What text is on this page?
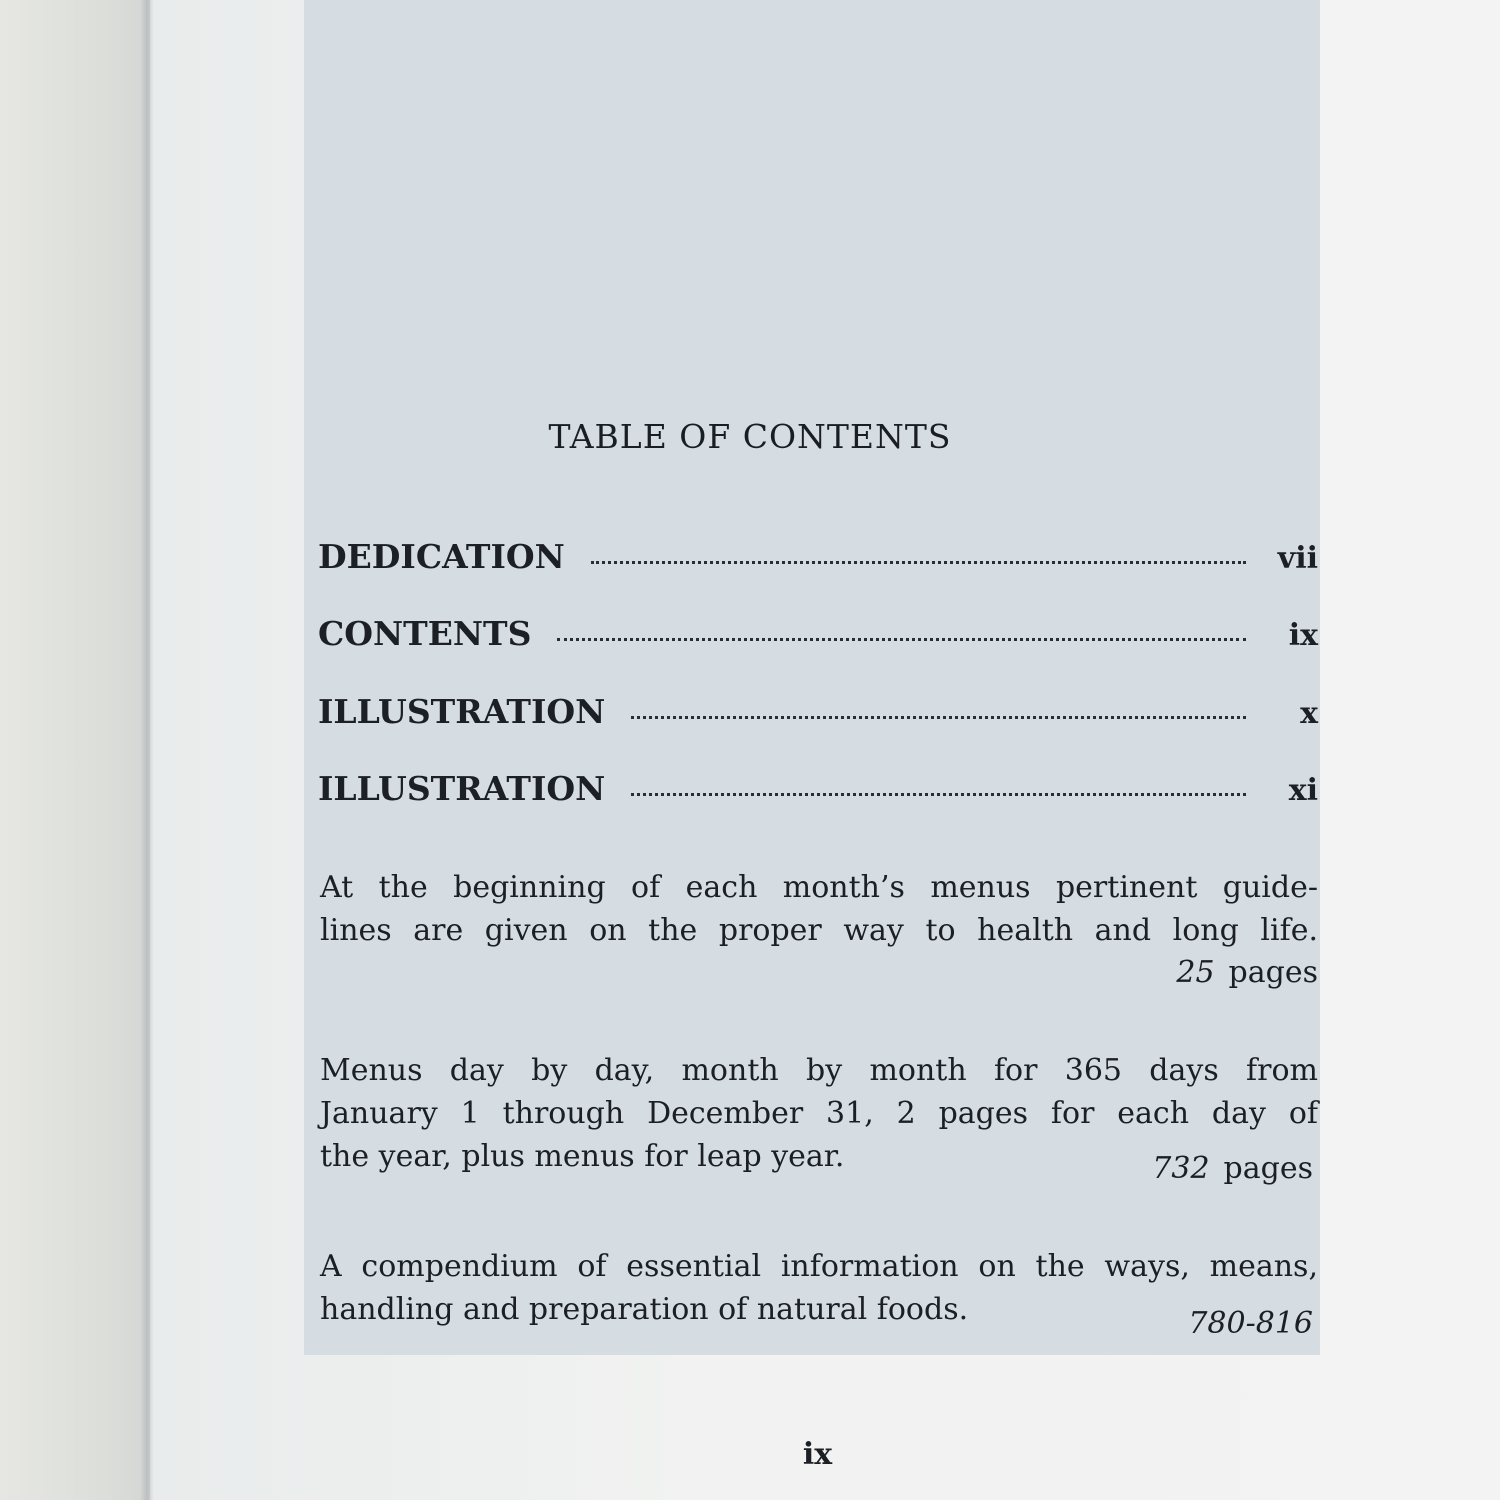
TABLE OF CONTENTS
DEDICATION	vii
CONTENTS	ix
ILLUSTRATION	x
ILLUSTRATION	xi
At the beginning of each month’s menus pertinent guide-
lines are given on the proper way to health and long life.
25 pages
Menus day by day, month by month for 365 days from
January 1 through December 31, 2 pages for each day of
the year, plus menus for leap year.	732 pages
A compendium of essential information on the ways, means,
handling and preparation of natural foods.	780-816
ix
